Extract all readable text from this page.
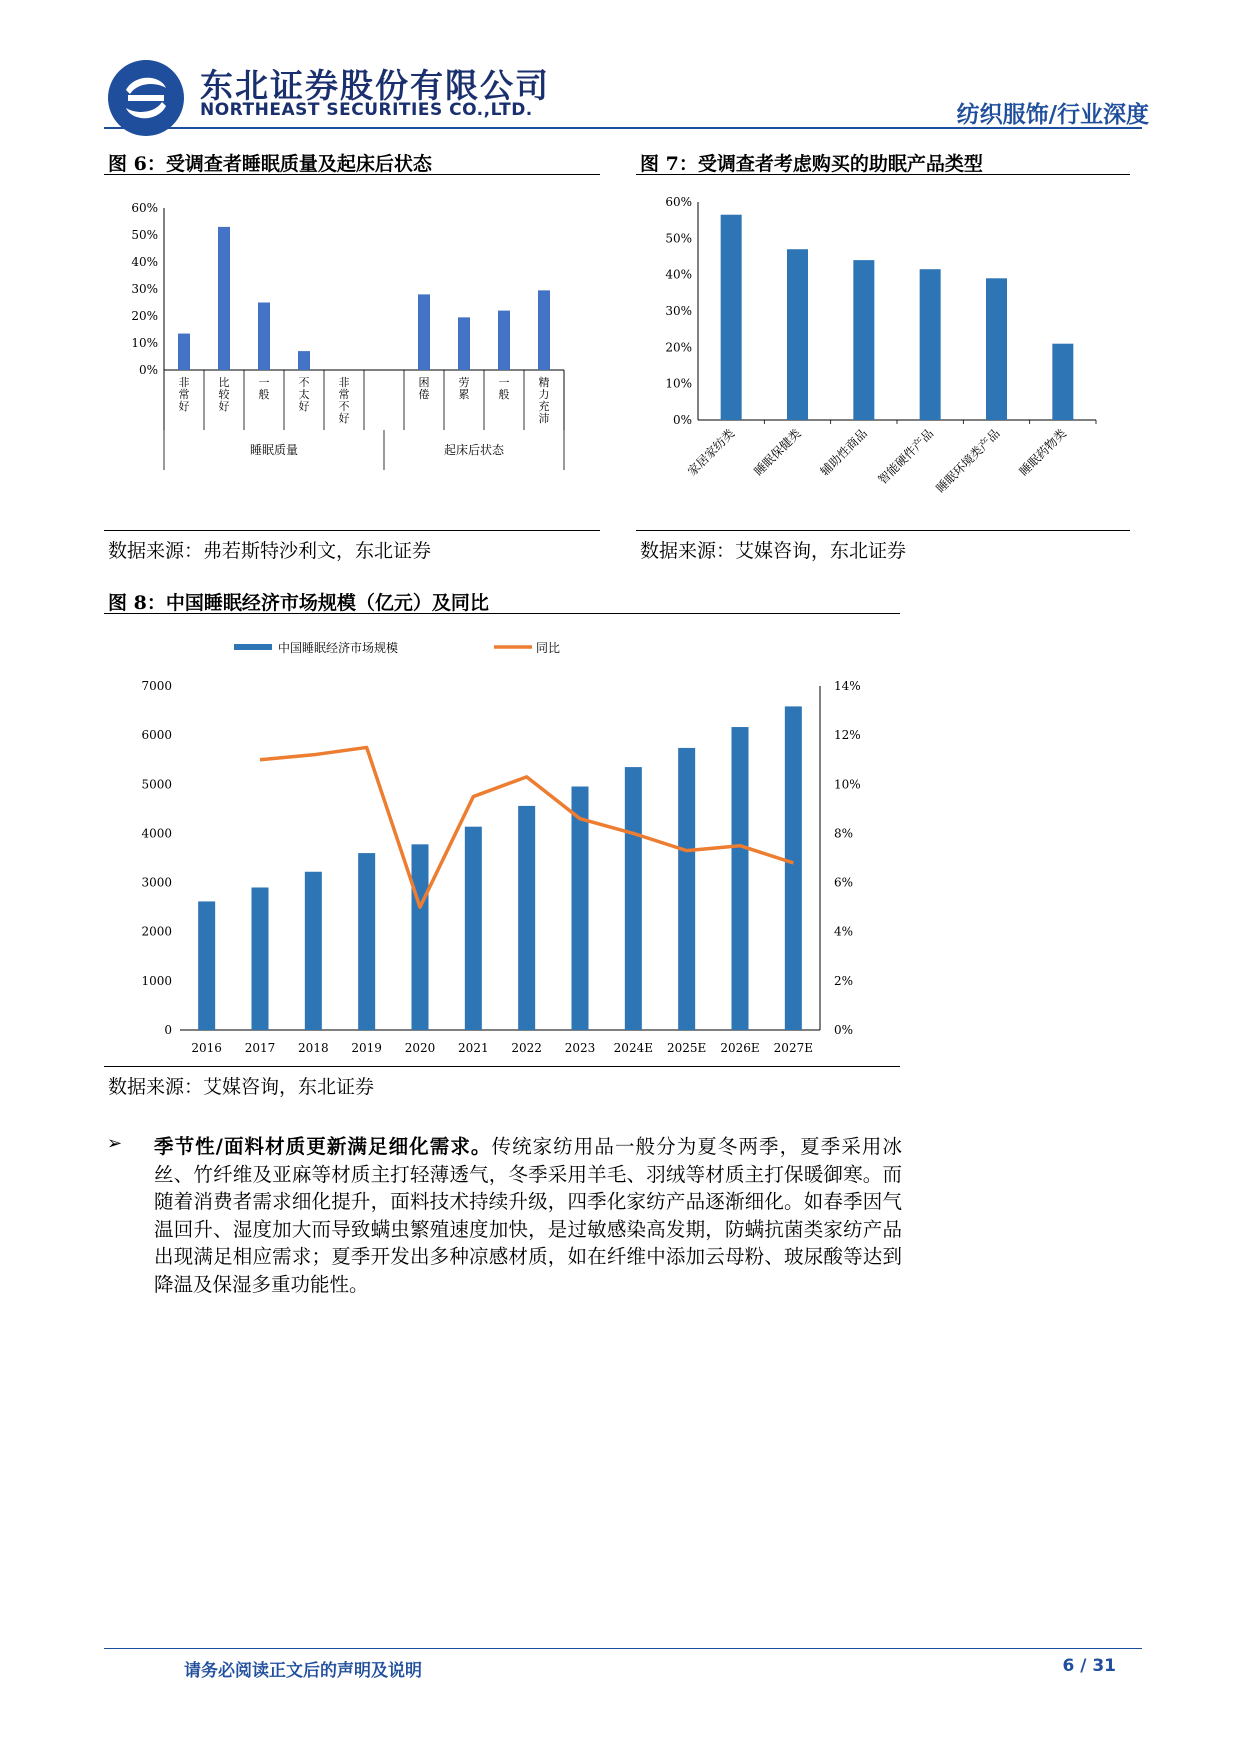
东北证券股份有限公司
NORTHEAST SECURITIES CO.,LTD.	纺织服饰/行业深度
图 6：受调查者睡眠质量及起床后状态
0%
10%
20%
30%
40%
50%
60%
非常好
比较好
一般
不太好
非常不好
困倦
劳累
一般
精力充沛
睡眠质量	起床后状态
数据来源：弗若斯特沙利文，东北证券
图 7：受调查者考虑购买的助眠产品类型
0%
10%
20%
30%
40%
50%
60%
家居家纺类 睡眠保健类 辅助性商品 智能硬件产品
睡眠环境类产品 睡眠药物类
数据来源：艾媒咨询，东北证券
图 8：中国睡眠经济市场规模（亿元）及同比
中国睡眠经济市场规模	同比
0
1000
2000
3000
4000
5000
6000
7000
0%
2%
4%
6%
8%
10%
12%
14%
2016 2017 2018 2019 2020 2021 2022 2023 2024E 2025E 2026E 2027E
数据来源：艾媒咨询，东北证券
➢ 季节性/面料材质更新满足细化需求。传统家纺用品一般分为夏冬两季，夏季采用冰丝、竹纤维及亚麻等材质主打轻薄透气，冬季采用羊毛、羽绒等材质主打保暖御寒。而随着消费者需求细化提升，面料技术持续升级，四季化家纺产品逐渐细化。如春季因气温回升、湿度加大而导致螨虫繁殖速度加快，是过敏感染高发期，防螨抗菌类家纺产品出现满足相应需求；夏季开发出多种凉感材质，如在纤维中添加云母粉、玻尿酸等达到降温及保湿多重功能性。
请务必阅读正文后的声明及说明	6 / 31
